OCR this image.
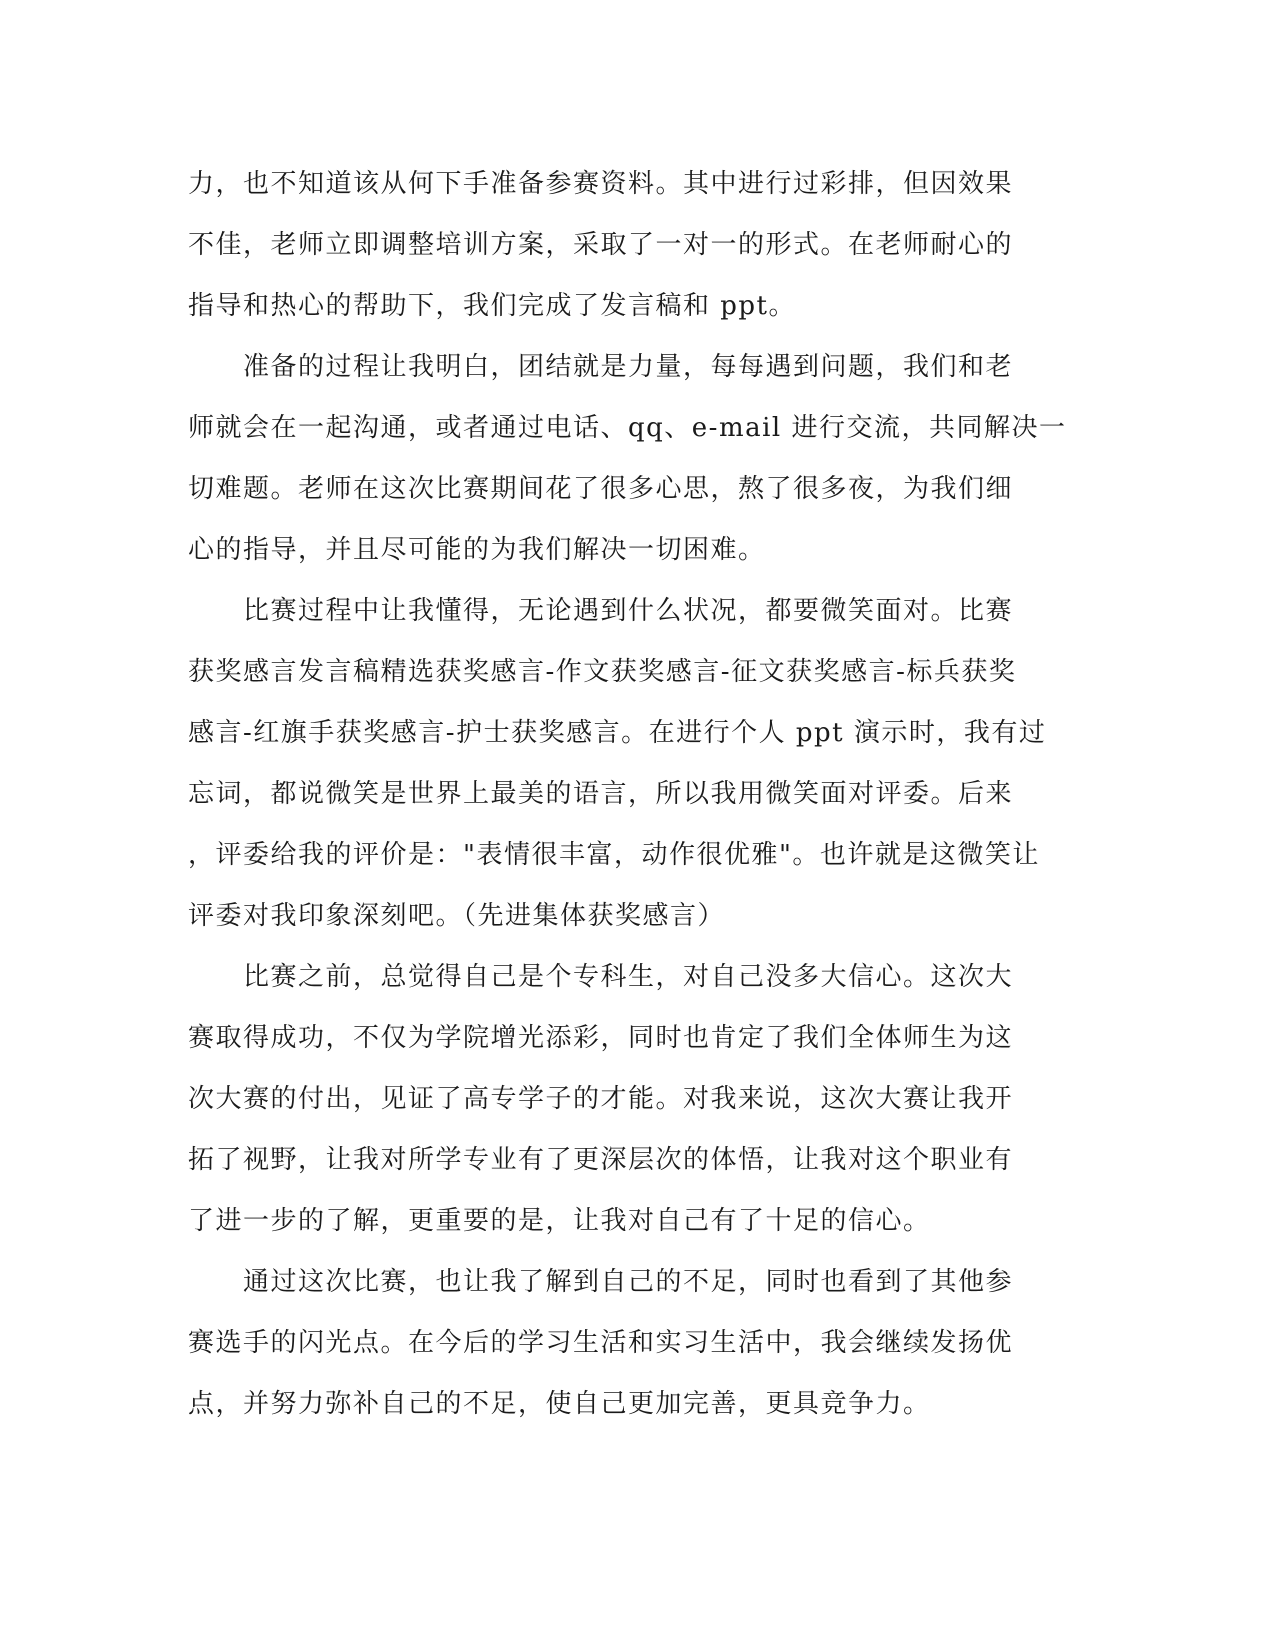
力，也不知道该从何下手准备参赛资料。其中进行过彩排，但因效果
不佳，老师立即调整培训方案，采取了一对一的形式。在老师耐心的
指导和热心的帮助下，我们完成了发言稿和 ppt。
　　准备的过程让我明白，团结就是力量，每每遇到问题，我们和老
师就会在一起沟通，或者通过电话、qq、e-mail 进行交流，共同解决一
切难题。老师在这次比赛期间花了很多心思，熬了很多夜，为我们细
心的指导，并且尽可能的为我们解决一切困难。
　　比赛过程中让我懂得，无论遇到什么状况，都要微笑面对。比赛
获奖感言发言稿精选获奖感言-作文获奖感言-征文获奖感言-标兵获奖
感言-红旗手获奖感言-护士获奖感言。在进行个人 ppt 演示时，我有过
忘词，都说微笑是世界上最美的语言，所以我用微笑面对评委。后来
，评委给我的评价是："表情很丰富，动作很优雅"。也许就是这微笑让
评委对我印象深刻吧。（先进集体获奖感言）
　　比赛之前，总觉得自己是个专科生，对自己没多大信心。这次大
赛取得成功，不仅为学院增光添彩，同时也肯定了我们全体师生为这
次大赛的付出，见证了高专学子的才能。对我来说，这次大赛让我开
拓了视野，让我对所学专业有了更深层次的体悟，让我对这个职业有
了进一步的了解，更重要的是，让我对自己有了十足的信心。
　　通过这次比赛，也让我了解到自己的不足，同时也看到了其他参
赛选手的闪光点。在今后的学习生活和实习生活中，我会继续发扬优
点，并努力弥补自己的不足，使自己更加完善，更具竞争力。
